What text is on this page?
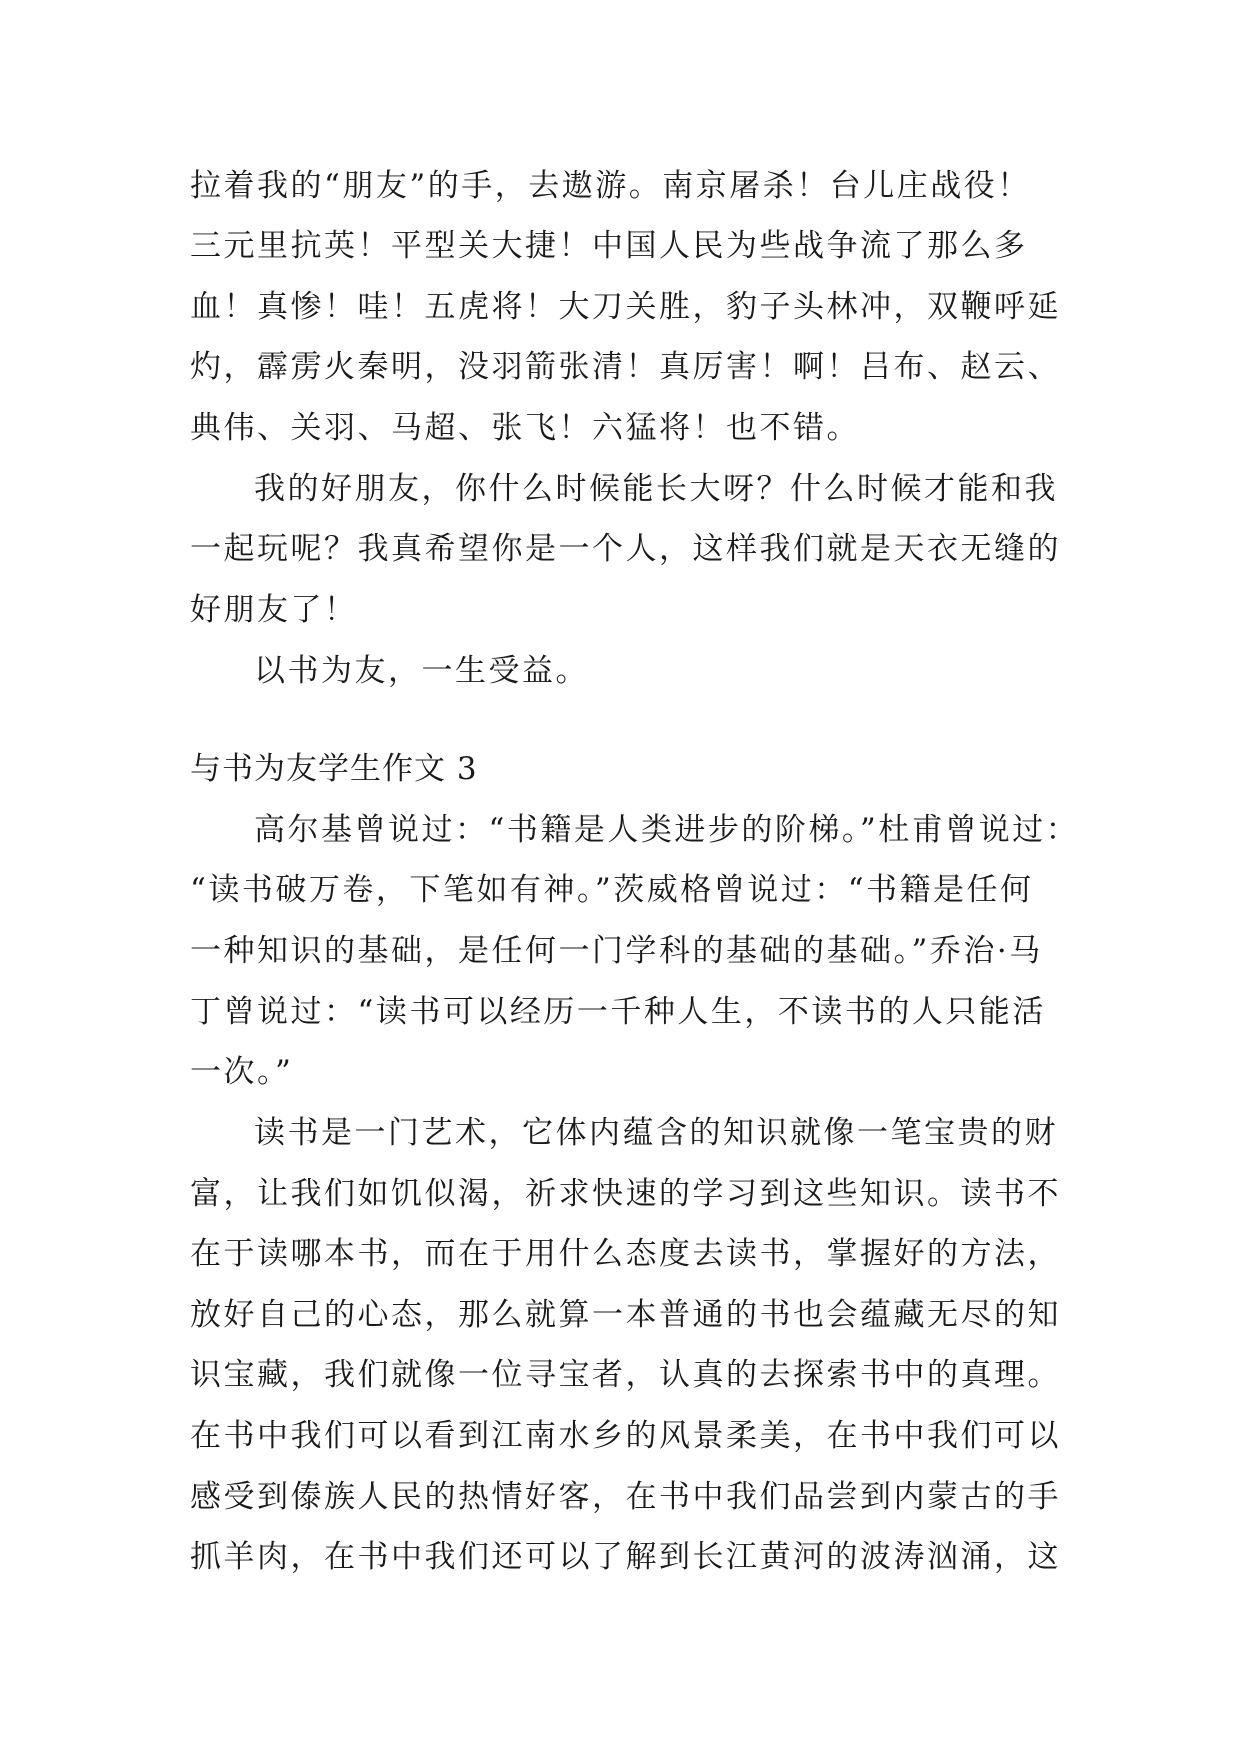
拉着我的“朋友”的手，去遨游。南京屠杀！台儿庄战役！
三元里抗英！平型关大捷！中国人民为些战争流了那么多
血！真惨！哇！五虎将！大刀关胜，豹子头林冲，双鞭呼延
灼，霹雳火秦明，没羽箭张清！真厉害！啊！吕布、赵云、
典伟、关羽、马超、张飞！六猛将！也不错。
我的好朋友，你什么时候能长大呀？什么时候才能和我
一起玩呢？我真希望你是一个人，这样我们就是天衣无缝的
好朋友了！
以书为友，一生受益。
与书为友学生作文 3
高尔基曾说过：“书籍是人类进步的阶梯。”杜甫曾说过：
“读书破万卷，下笔如有神。”茨威格曾说过：“书籍是任何
一种知识的基础，是任何一门学科的基础的基础。”乔治·马
丁曾说过：“读书可以经历一千种人生，不读书的人只能活
一次。”
读书是一门艺术，它体内蕴含的知识就像一笔宝贵的财
富，让我们如饥似渴，祈求快速的学习到这些知识。读书不
在于读哪本书，而在于用什么态度去读书，掌握好的方法，
放好自己的心态，那么就算一本普通的书也会蕴藏无尽的知
识宝藏，我们就像一位寻宝者，认真的去探索书中的真理。
在书中我们可以看到江南水乡的风景柔美，在书中我们可以
感受到傣族人民的热情好客，在书中我们品尝到内蒙古的手
抓羊肉，在书中我们还可以了解到长江黄河的波涛汹涌，这
